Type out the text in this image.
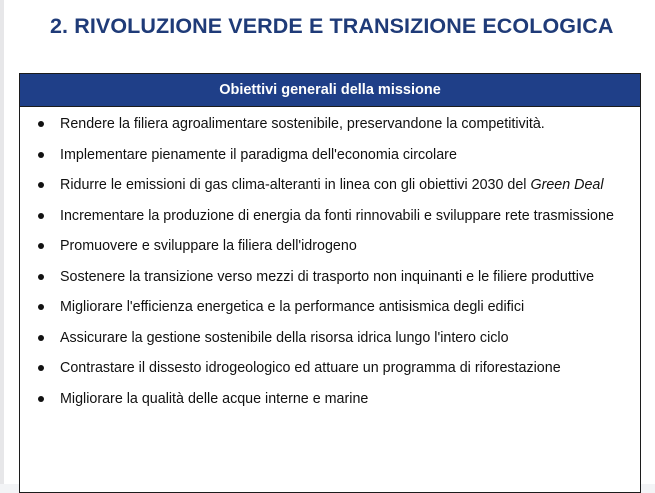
2. RIVOLUZIONE VERDE E TRANSIZIONE ECOLOGICA
Obiettivi generali della missione
Rendere la filiera agroalimentare sostenibile, preservandone la competitività.
Implementare pienamente il paradigma dell'economia circolare
Ridurre le emissioni di gas clima-alteranti in linea con gli obiettivi 2030 del Green Deal
Incrementare la produzione di energia da fonti rinnovabili e sviluppare rete trasmissione
Promuovere e sviluppare la filiera dell'idrogeno
Sostenere la transizione verso mezzi di trasporto non inquinanti e le filiere produttive
Migliorare l'efficienza energetica e la performance antisismica degli edifici
Assicurare la gestione sostenibile della risorsa idrica lungo l'intero ciclo
Contrastare il dissesto idrogeologico ed attuare un programma di riforestazione
Migliorare la qualità delle acque interne e marine
